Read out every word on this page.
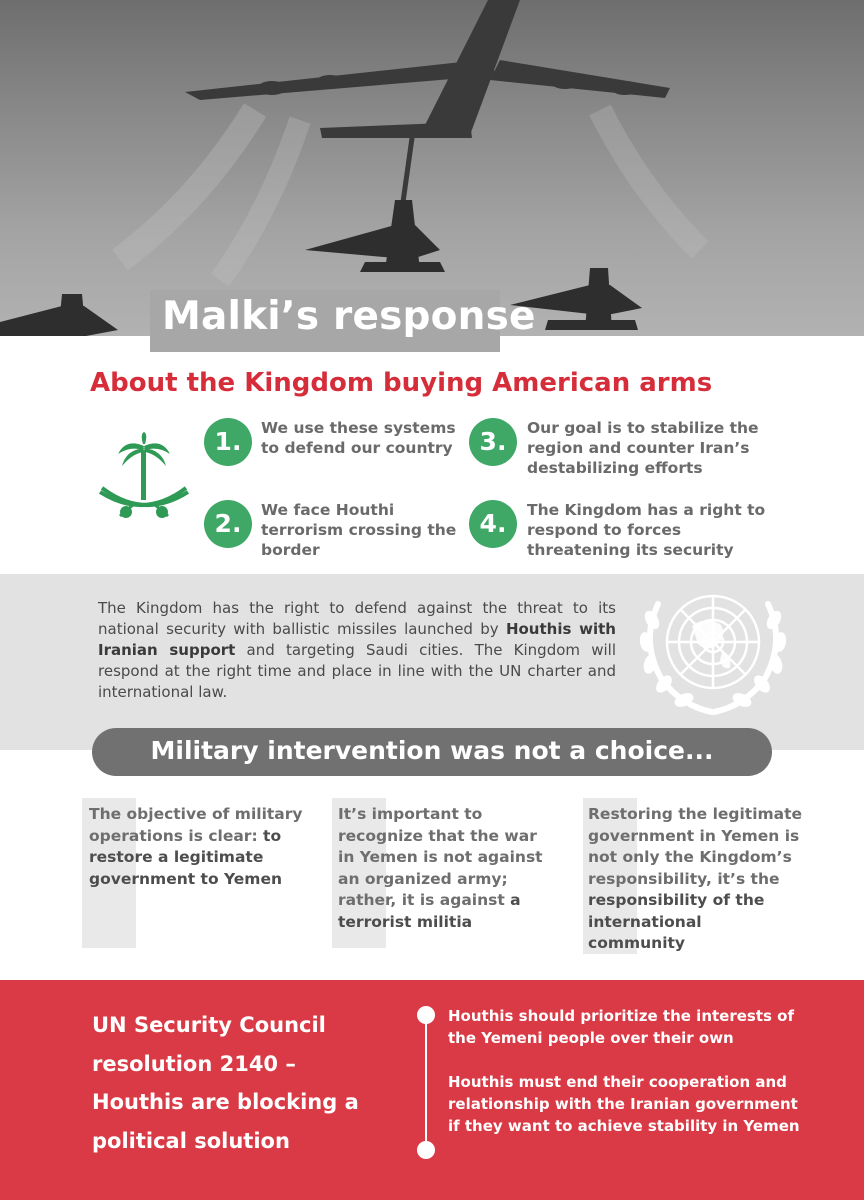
Malki’s response
About the Kingdom buying American arms
1.	We use these systems to defend our country
2.	We face Houthi terrorism crossing the border
3.	Our goal is to stabilize the region and counter Iran’s destabilizing efforts
4.	The Kingdom has a right to respond to forces threatening its security
The Kingdom has the right to defend against the threat to its national security with ballistic missiles launched by Houthis with Iranian support and targeting Saudi cities. The Kingdom will respond at the right time and place in line with the UN charter and international law.
Military intervention was not a choice...
The objective of military operations is clear: to restore a legitimate government to Yemen
It’s important to recognize that the war in Yemen is not against an organized army; rather, it is against a terrorist militia
Restoring the legitimate government in Yemen is not only the Kingdom’s responsibility, it’s the responsibility of the international community
UN Security Council resolution 2140 – Houthis are blocking a political solution
Houthis should prioritize the interests of the Yemeni people over their own
Houthis must end their cooperation and relationship with the Iranian government if they want to achieve stability in Yemen
